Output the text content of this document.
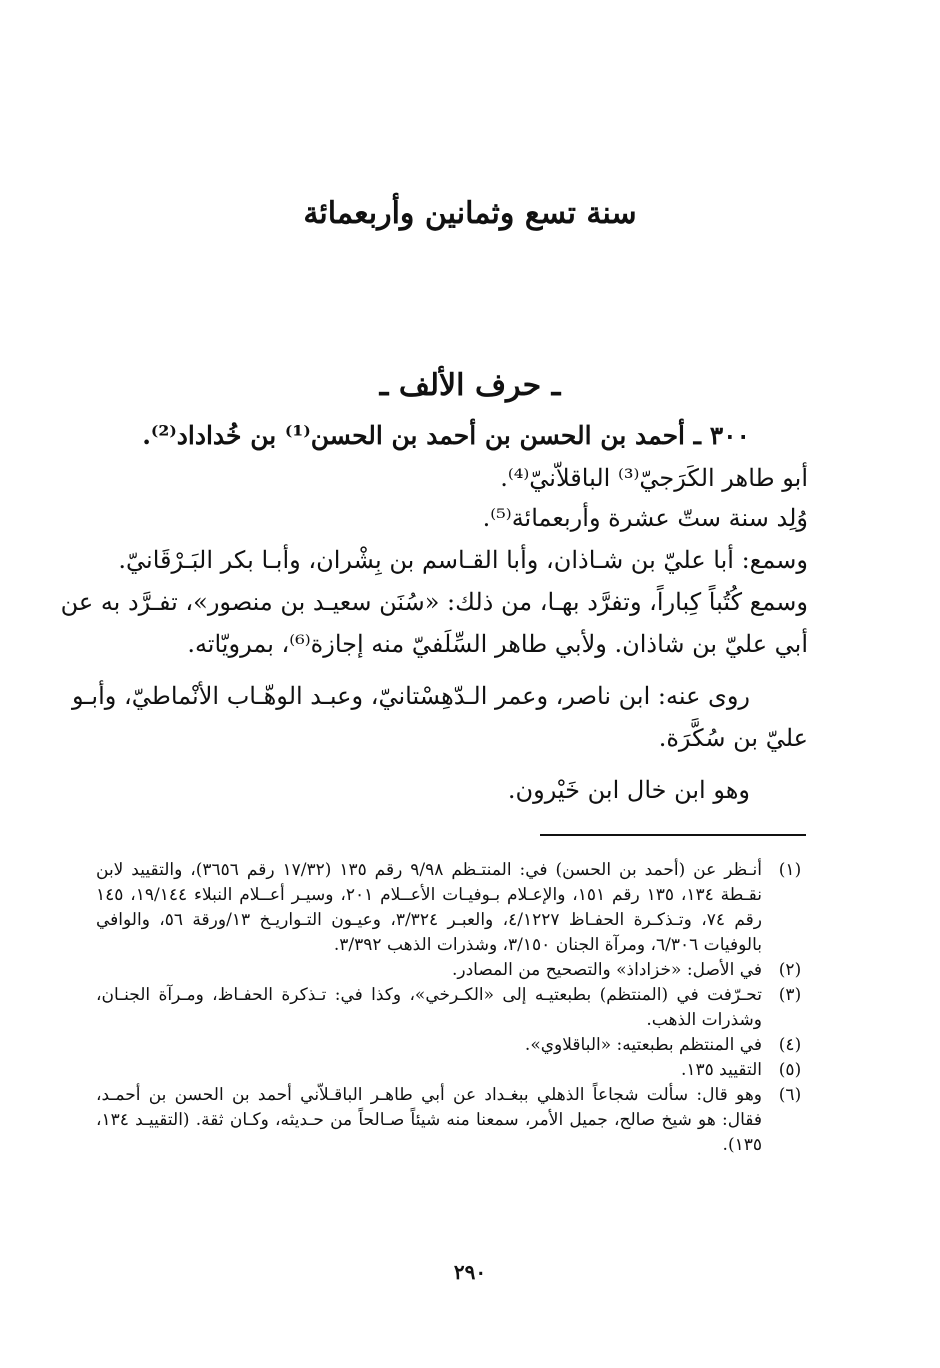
سنة تسع وثمانين وأربعمائة
ـ حرف الألف ـ
٣٠٠ ـ أحمد بن الحسن بن أحمد بن الحسن⁽¹⁾ بن خُداداد⁽²⁾.
أبو طاهر الكَرَجيّ⁽³⁾ الباقلاّنيّ⁽⁴⁾.
وُلِد سنة ستّ عشرة وأربعمائة⁽⁵⁾.
وسمع: أبا عليّ بن شـاذان، وأبا القـاسم بن بِشْران، وأبـا بكر البَـرْقَانيّ.
وسمع كُتُباً كِباراً، وتفرَّد بهـا، من ذلك: «سُنَن سعيـد بن منصور»، تفـرَّد به عن
أبي عليّ بن شاذان. ولأبي طاهر السِّلَفيّ منه إجازة⁽⁶⁾، بمرويّاته.
روى عنه: ابن ناصر، وعمر الـدّهِسْتانيّ، وعبـد الوهّـاب الأنْماطيّ، وأبـو
عليّ بن سُكَّرَة.
وهو ابن خال ابن خَيْرون.
(١)
أنـظر عن (أحمد بن الحسن) في: المنتـظم ٩/٩٨ رقم ١٣٥ (١٧/٣٢ رقم ٣٦٥٦)، والتقييد لابن نقـطة ١٣٤، ١٣٥ رقم ١٥١، والإعـلام بـوفيـات الأعــلام ٢٠١، وسيـر أعــلام النبلاء ١٩/١٤٤، ١٤٥ رقم ٧٤، وتـذكـرة الحفـاظ ٤/١٢٢٧، والعبـر ٣/٣٢٤، وعيـون التـواريـخ ١٣/ورقة ٥٦، والوافي بالوفيات ٦/٣٠٦، ومرآة الجنان ٣/١٥٠، وشذرات الذهب ٣/٣٩٢.
(٢)
في الأصل: «خزاداذ» والتصحيح من المصادر.
(٣)
تحـرّفت في (المنتظم) بطبعتيـه إلى «الكـرخي»، وكذا في: تـذكرة الحفـاظ، ومـرآة الجنـان، وشذرات الذهب.
(٤)
في المنتظم بطبعتيه: «الباقلاوي».
(٥)
التقييد ١٣٥.
(٦)
وهو قال: سألت شجاعاً الذهلي ببغـداد عن أبي طاهـر الباقـلاّني أحمد بن الحسن بن أحمـد، فقال: هو شيخ صالح، جميل الأمر، سمعنا منه شيئاً صـالحاً من حـديثه، وكـان ثقة. (التقييـد ١٣٤، ١٣٥).
٢٩٠
